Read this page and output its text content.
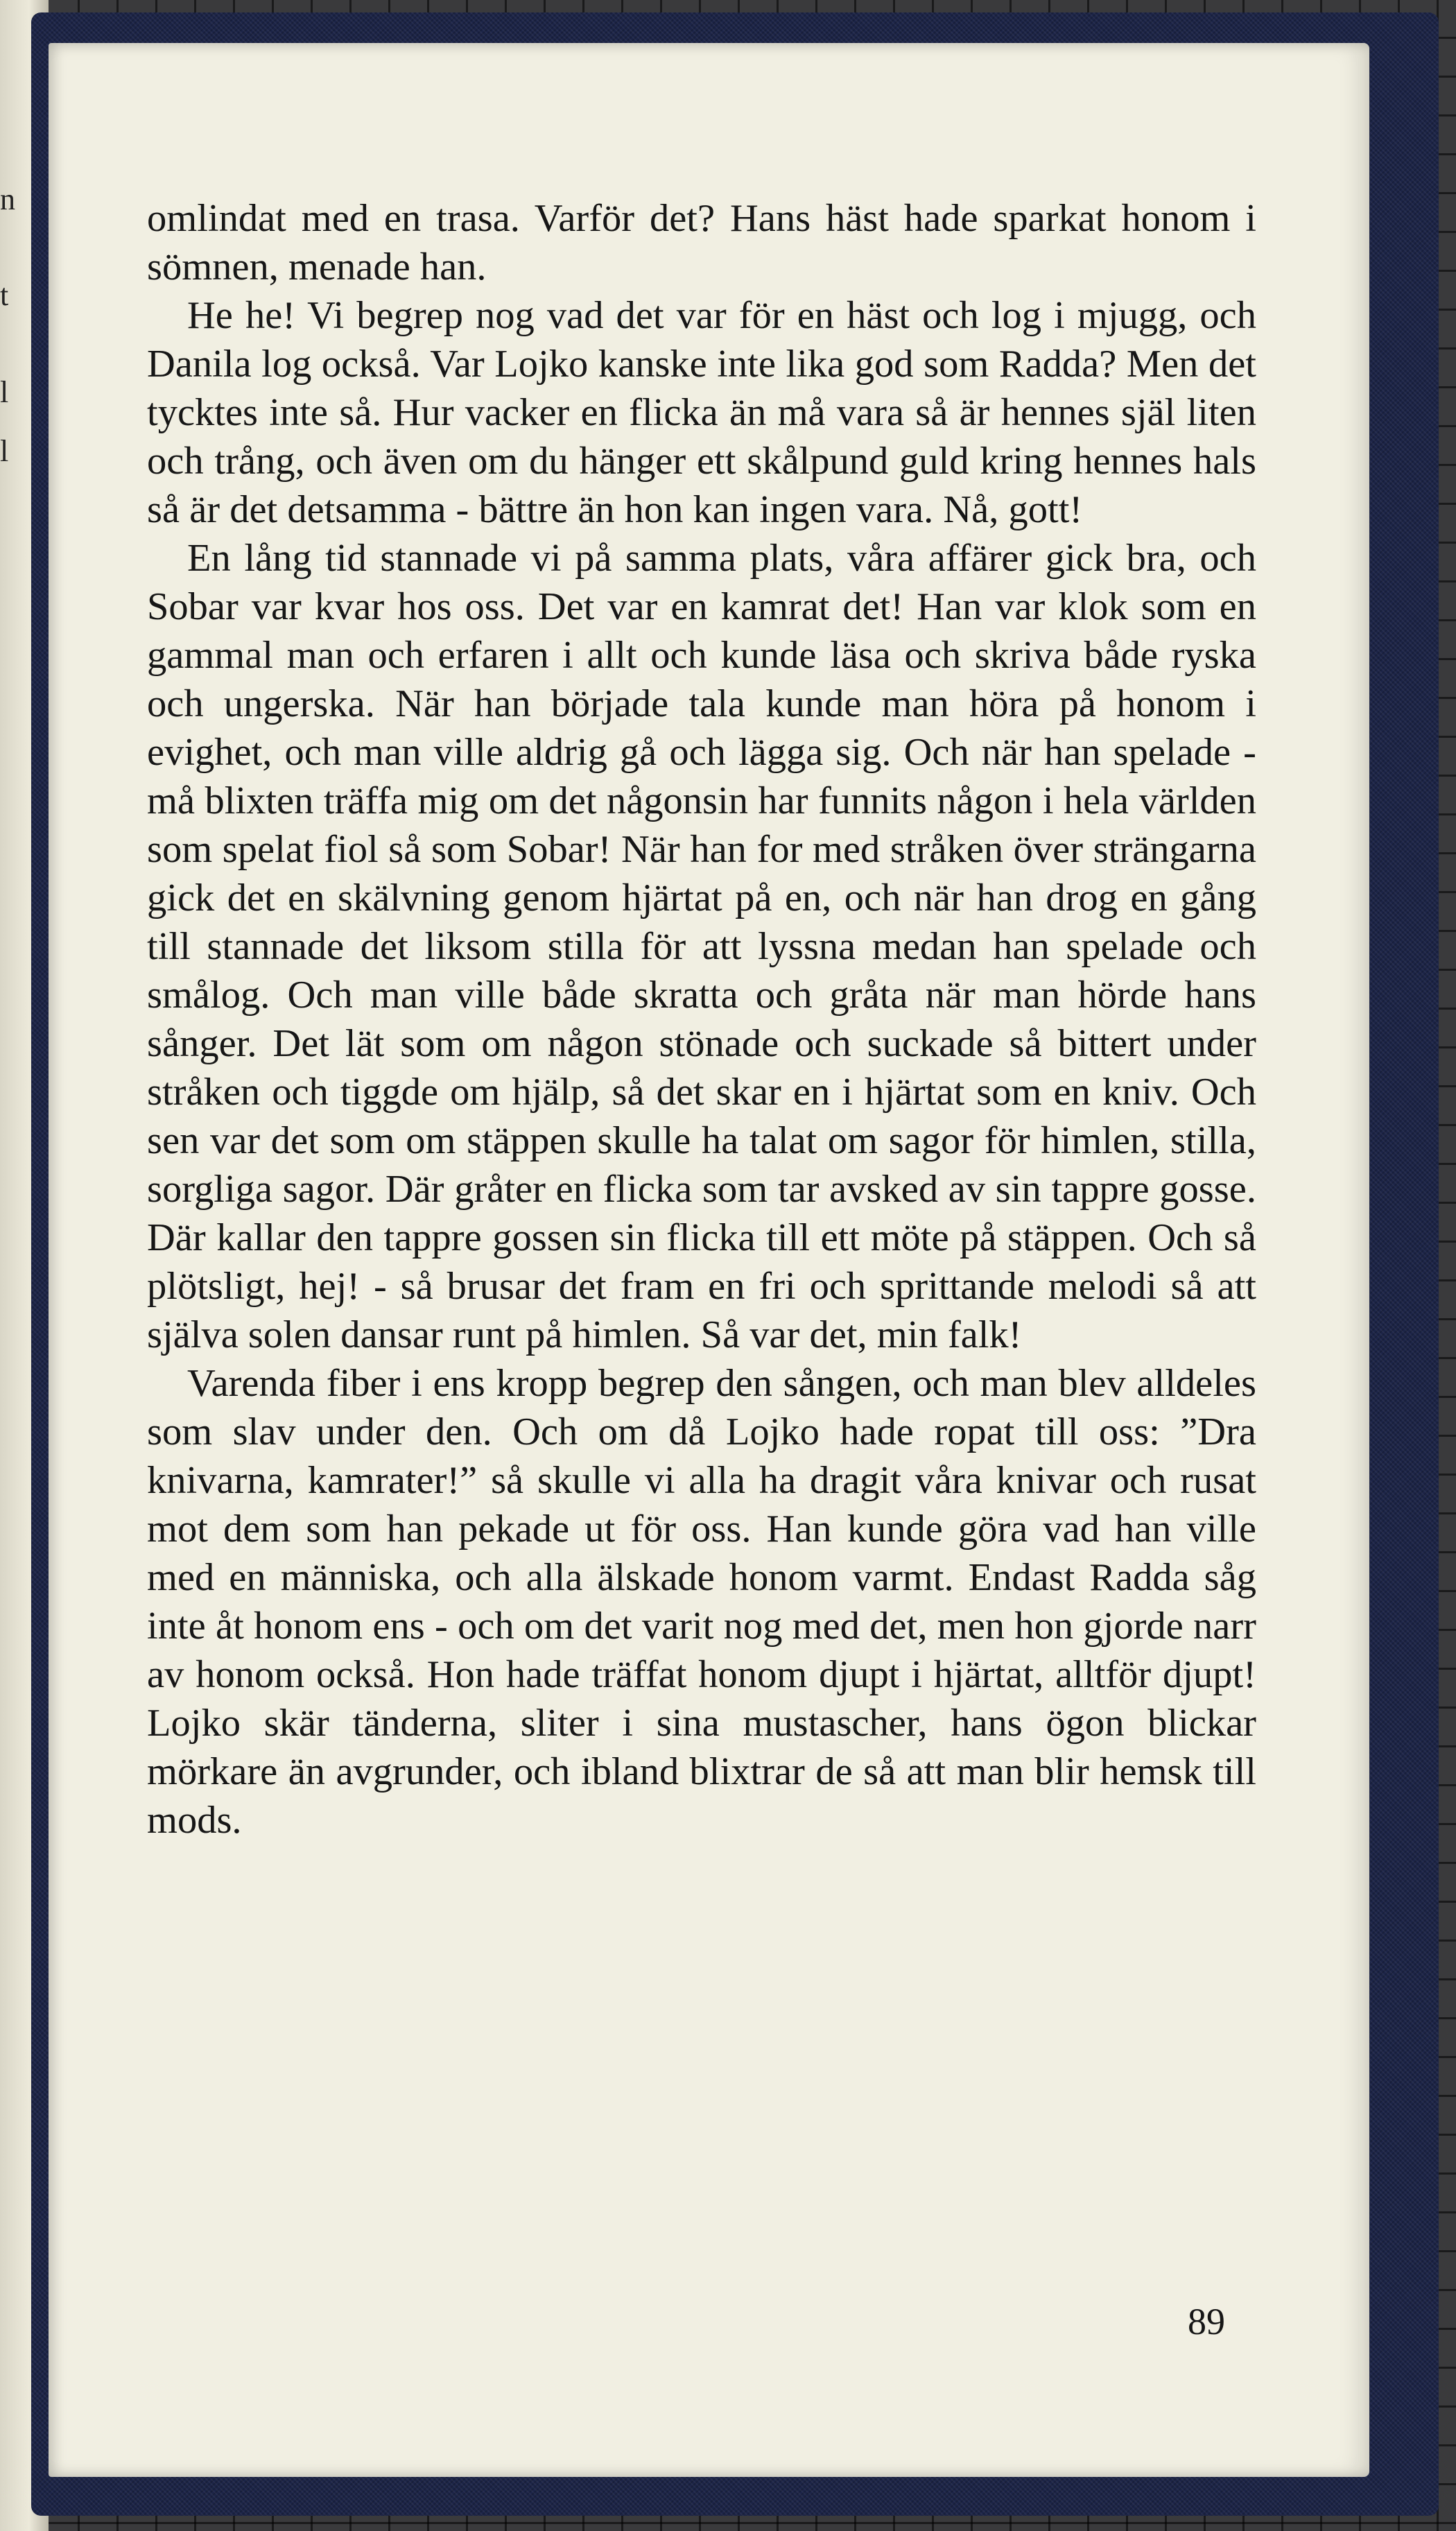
n
t
l
l

omlindat med en trasa. Varför det? Hans häst hade sparkat honom i sömnen, menade han.

He he! Vi begrep nog vad det var för en häst och log i mjugg, och Danila log också. Var Lojko kanske inte lika god som Radda? Men det tycktes inte så. Hur vacker en flicka än må vara så är hennes själ liten och trång, och även om du hänger ett skålpund guld kring hennes hals så är det detsamma - bättre än hon kan ingen vara. Nå, gott!

En lång tid stannade vi på samma plats, våra affärer gick bra, och Sobar var kvar hos oss. Det var en kamrat det! Han var klok som en gammal man och erfaren i allt och kunde läsa och skriva både ryska och ungerska. När han började tala kunde man höra på honom i evighet, och man ville aldrig gå och lägga sig. Och när han spelade - må blixten träffa mig om det någonsin har funnits någon i hela världen som spelat fiol så som Sobar! När han for med stråken över strängarna gick det en skälvning genom hjärtat på en, och när han drog en gång till stannade det liksom stilla för att lyssna medan han spelade och smålog. Och man ville både skratta och gråta när man hörde hans sånger. Det lät som om någon stönade och suckade så bittert under stråken och tiggde om hjälp, så det skar en i hjärtat som en kniv. Och sen var det som om stäppen skulle ha talat om sagor för himlen, stilla, sorgliga sagor. Där gråter en flicka som tar avsked av sin tappre gosse. Där kallar den tappre gossen sin flicka till ett möte på stäppen. Och så plötsligt, hej! - så brusar det fram en fri och sprittande melodi så att själva solen dansar runt på himlen. Så var det, min falk!

Varenda fiber i ens kropp begrep den sången, och man blev alldeles som slav under den. Och om då Lojko hade ropat till oss: ”Dra knivarna, kamrater!” så skulle vi alla ha dragit våra knivar och rusat mot dem som han pekade ut för oss. Han kunde göra vad han ville med en människa, och alla älskade honom varmt. Endast Radda såg inte åt honom ens - och om det varit nog med det, men hon gjorde narr av honom också. Hon hade träffat honom djupt i hjärtat, alltför djupt! Lojko skär tänderna, sliter i sina mustascher, hans ögon blickar mörkare än avgrunder, och ibland blixtrar de så att man blir hemsk till mods.

89
